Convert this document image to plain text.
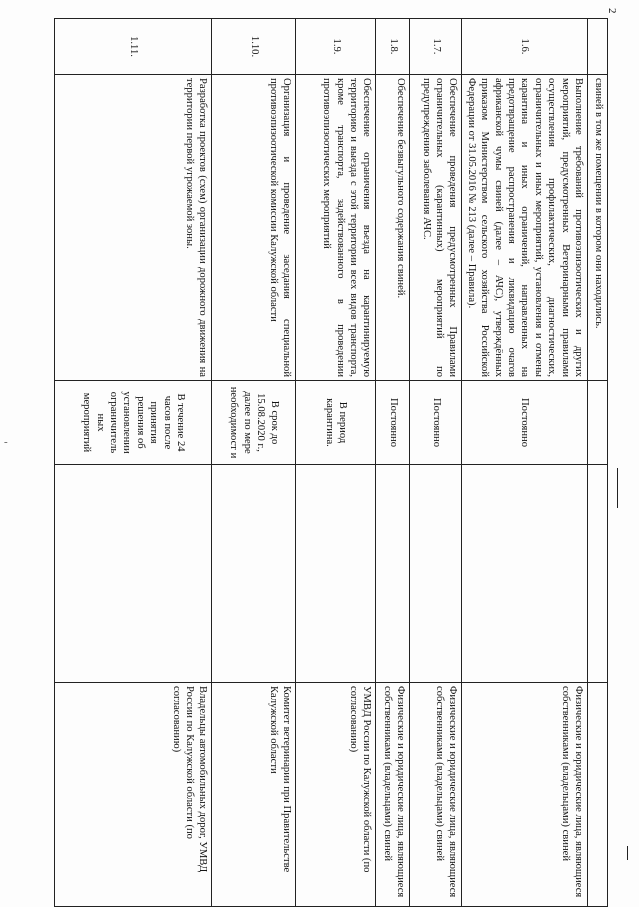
2
	свиней в том же помещении в котором они находились.			
1.6.	Выполнение требований противоэпизоотических и других мероприятий, предусмотренных Ветеринарными правилами осуществления профилактических, диагностических, ограничительных и иных мероприятий, установления и отмены карантина и иных ограничений, направленных на предотвращение распространения и ликвидацию очагов африканской чумы свиней (далее – АЧС), утверждённых приказом Министерством сельского хозяйства Российской Федерации от 31.05.2016 № 213 (далее – Правила).	Постоянно		Физические и юридические лица, являющиеся собственниками (владельцами) свиней
1.7.	Обеспечение проведения предусмотренных Правилами ограничительных (карантинных) мероприятий по предупреждению заболевания АЧС.	Постоянно		Физические и юридические лица, являющиеся собственниками (владельцами) свиней
1.8.	Обеспечение безвыгульного содержания свиней.	Постоянно		Физические и юридические лица, являющиеся собственниками (владельцами) свиней
1.9.	Обеспечение ограничения въезда на карантинируемую территорию и выезда с этой территории всех видов транспорта, кроме транспорта, задействованного в проведении противоэпизоотических мероприятий	В период карантина.		УМВД России по Калужской области (по согласованию)
1.10.	Организация и проведение заседания специальной противоэпизоотической комиссии Калужской области	В срок до 15.08.2020 г., далее по мере необходимост и		Комитет ветеринарии при Правительстве Калужской области
1.11.	Разработка проектов (схем) организации дорожного движения на территории первой угрожаемой зоны.	В течение 24 часов после принятия решения об установлении ограничитель ных мероприятий		Владельцы автомобильных дорог, УМВД России по Калужской области (по согласованию)
-
